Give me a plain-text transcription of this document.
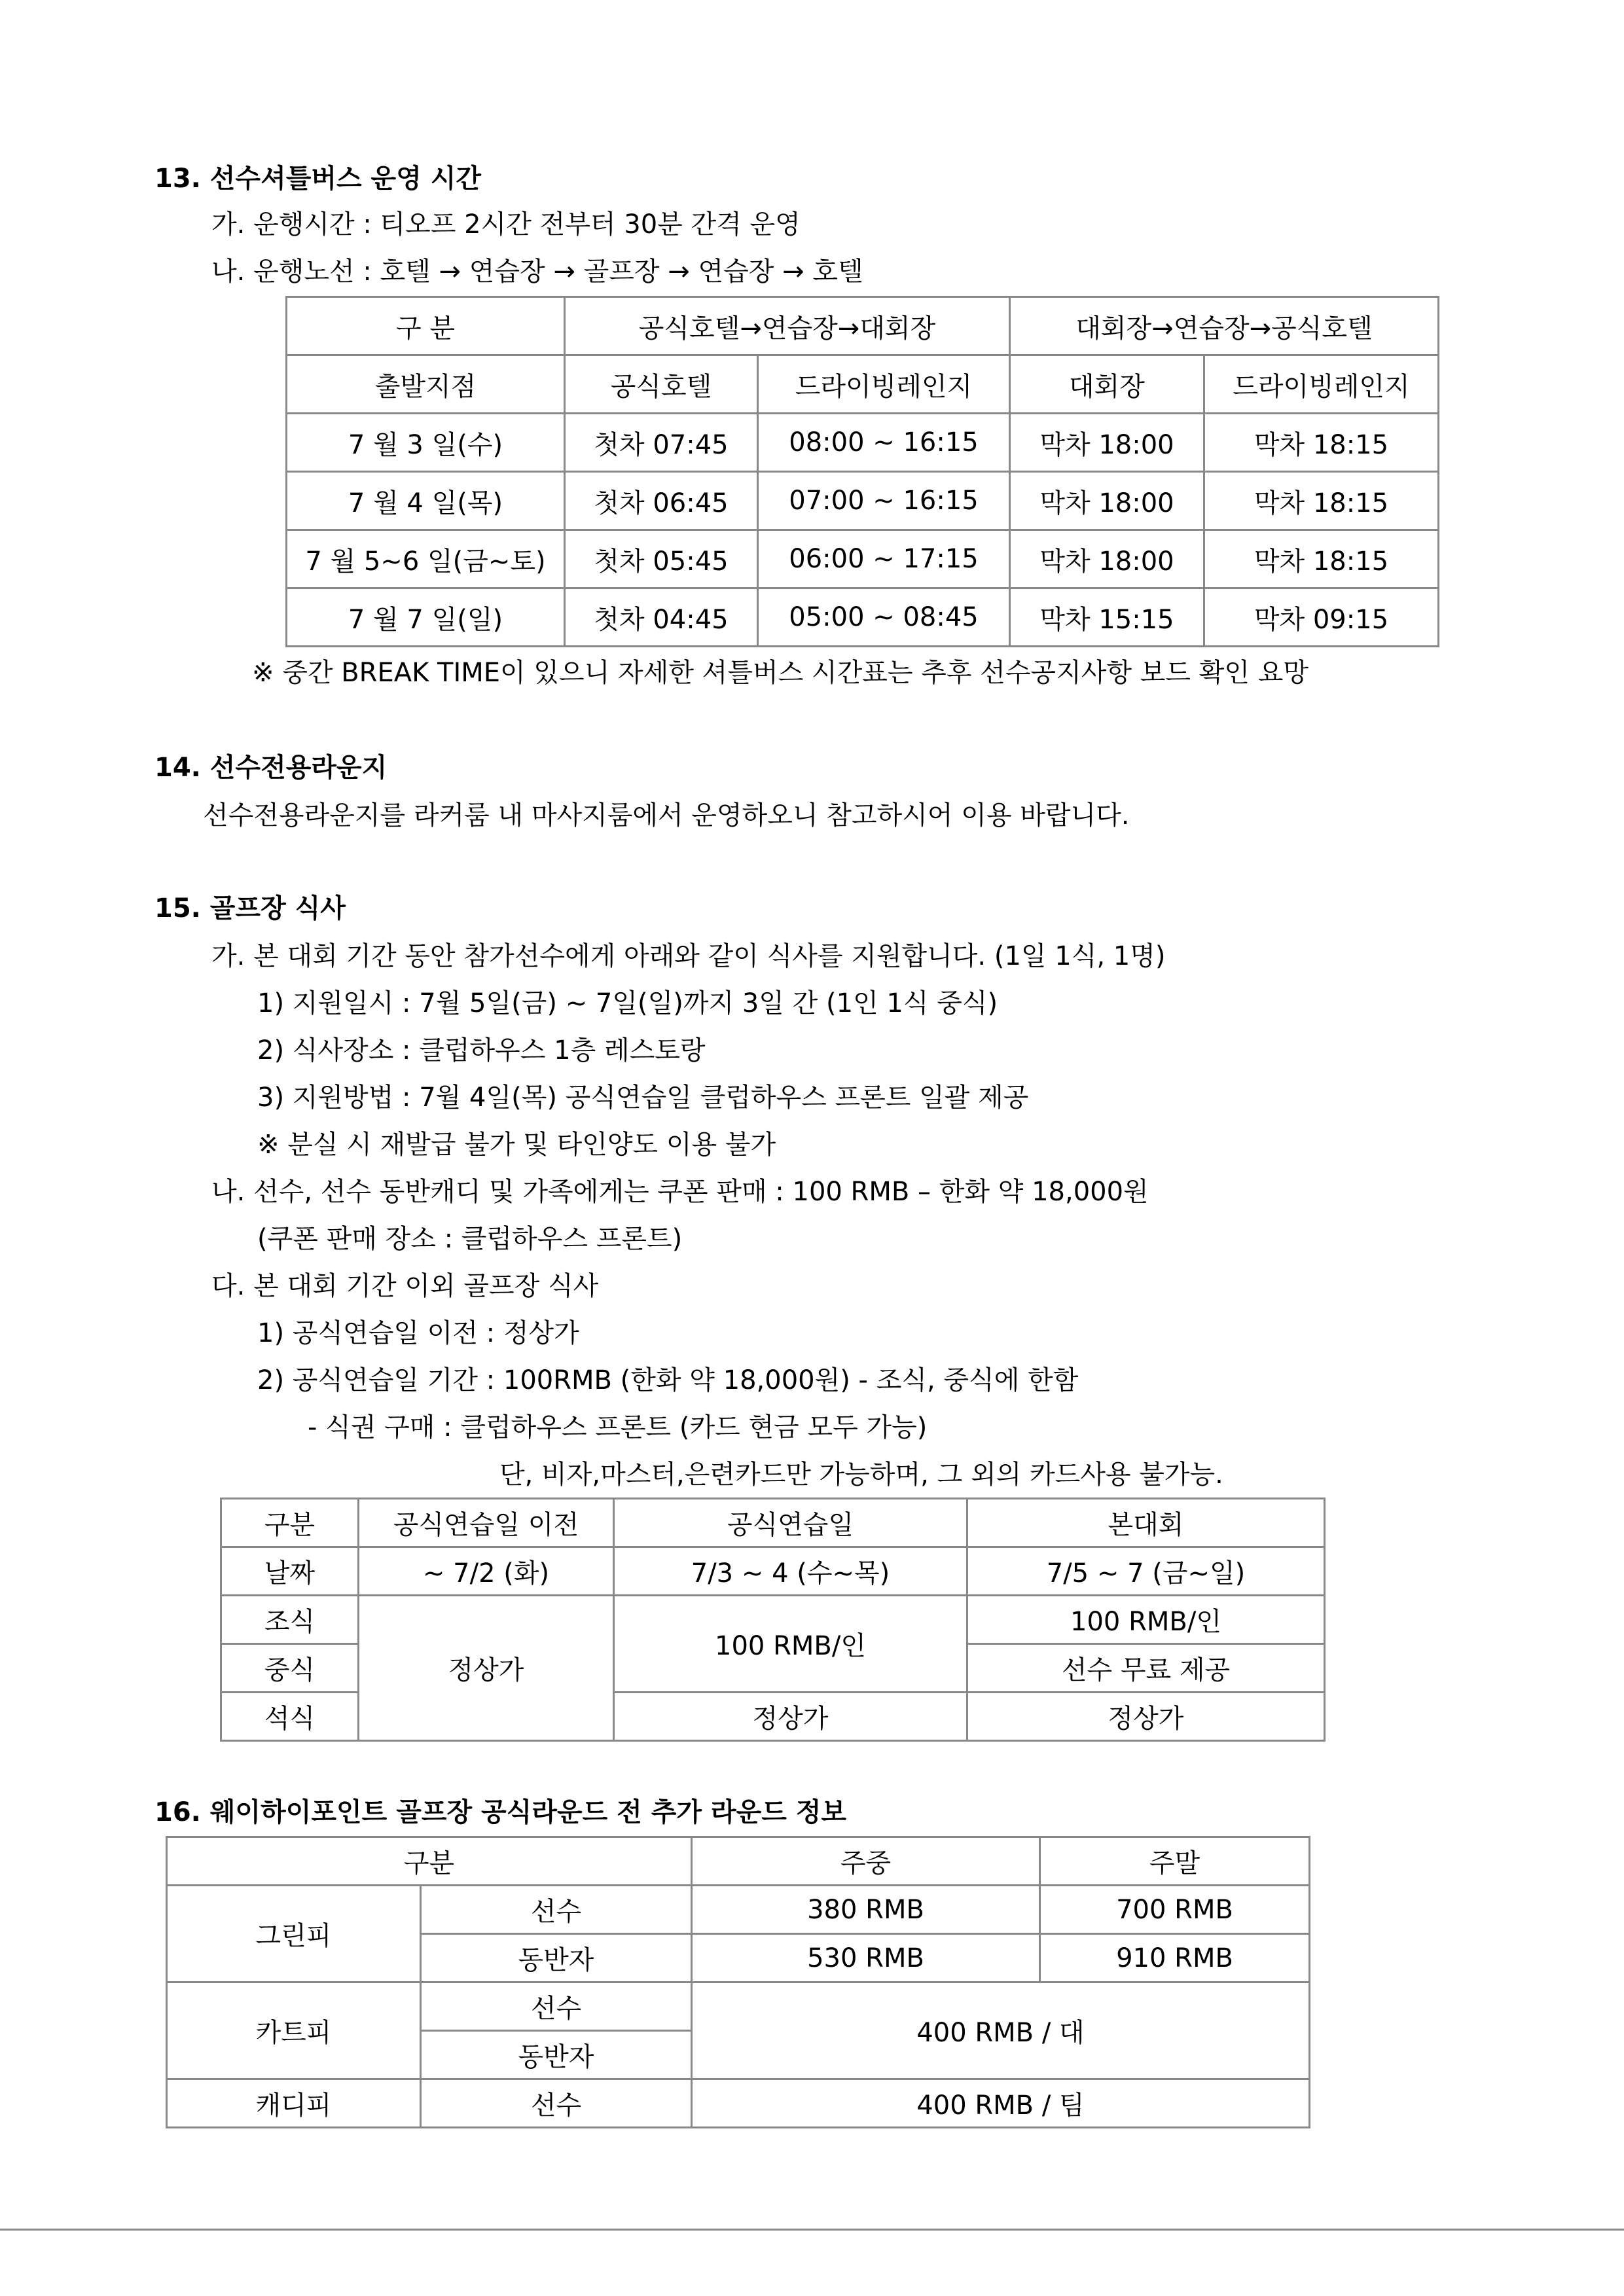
13. 선수셔틀버스 운영 시간
가. 운행시간 : 티오프 2시간 전부터 30분 간격 운영
나. 운행노선 : 호텔 → 연습장 → 골프장 → 연습장 → 호텔
구 분	공식호텔→연습장→대회장		대회장→연습장→공식호텔	
출발지점	공식호텔	드라이빙레인지	대회장	드라이빙레인지
7 월 3 일(수)	첫차 07:45	08:00 ~ 16:15	막차 18:00	막차 18:15
7 월 4 일(목)	첫차 06:45	07:00 ~ 16:15	막차 18:00	막차 18:15
7 월 5~6 일(금~토)	첫차 05:45	06:00 ~ 17:15	막차 18:00	막차 18:15
7 월 7 일(일)	첫차 04:45	05:00 ~ 08:45	막차 15:15	막차 09:15
※ 중간 BREAK TIME이 있으니 자세한 셔틀버스 시간표는 추후 선수공지사항 보드 확인 요망
14. 선수전용라운지
선수전용라운지를 라커룸 내 마사지룸에서 운영하오니 참고하시어 이용 바랍니다.
15. 골프장 식사
가. 본 대회 기간 동안 참가선수에게 아래와 같이 식사를 지원합니다. (1일 1식, 1명)
1) 지원일시 : 7월 5일(금) ~ 7일(일)까지 3일 간 (1인 1식 중식)
2) 식사장소 : 클럽하우스 1층 레스토랑
3) 지원방법 : 7월 4일(목) 공식연습일 클럽하우스 프론트 일괄 제공
※ 분실 시 재발급 불가 및 타인양도 이용 불가
나. 선수, 선수 동반캐디 및 가족에게는 쿠폰 판매 : 100 RMB – 한화 약 18,000원
(쿠폰 판매 장소 : 클럽하우스 프론트)
다. 본 대회 기간 이외 골프장 식사
1) 공식연습일 이전 : 정상가
2) 공식연습일 기간 : 100RMB (한화 약 18,000원) - 조식, 중식에 한함
- 식권 구매 : 클럽하우스 프론트 (카드 현금 모두 가능)
단, 비자,마스터,은련카드만 가능하며, 그 외의 카드사용 불가능.
구분	공식연습일 이전	공식연습일	본대회
날짜	~ 7/2 (화)	7/3 ~ 4 (수~목)	7/5 ~ 7 (금~일)
조식	정상가	100 RMB/인	100 RMB/인
중식			선수 무료 제공
석식		정상가	정상가
16. 웨이하이포인트 골프장 공식라운드 전 추가 라운드 정보
구분		주중	주말
그린피	선수	380 RMB	700 RMB
	동반자	530 RMB	910 RMB
카트피	선수	400 RMB / 대	
	동반자		
캐디피	선수	400 RMB / 팀	
